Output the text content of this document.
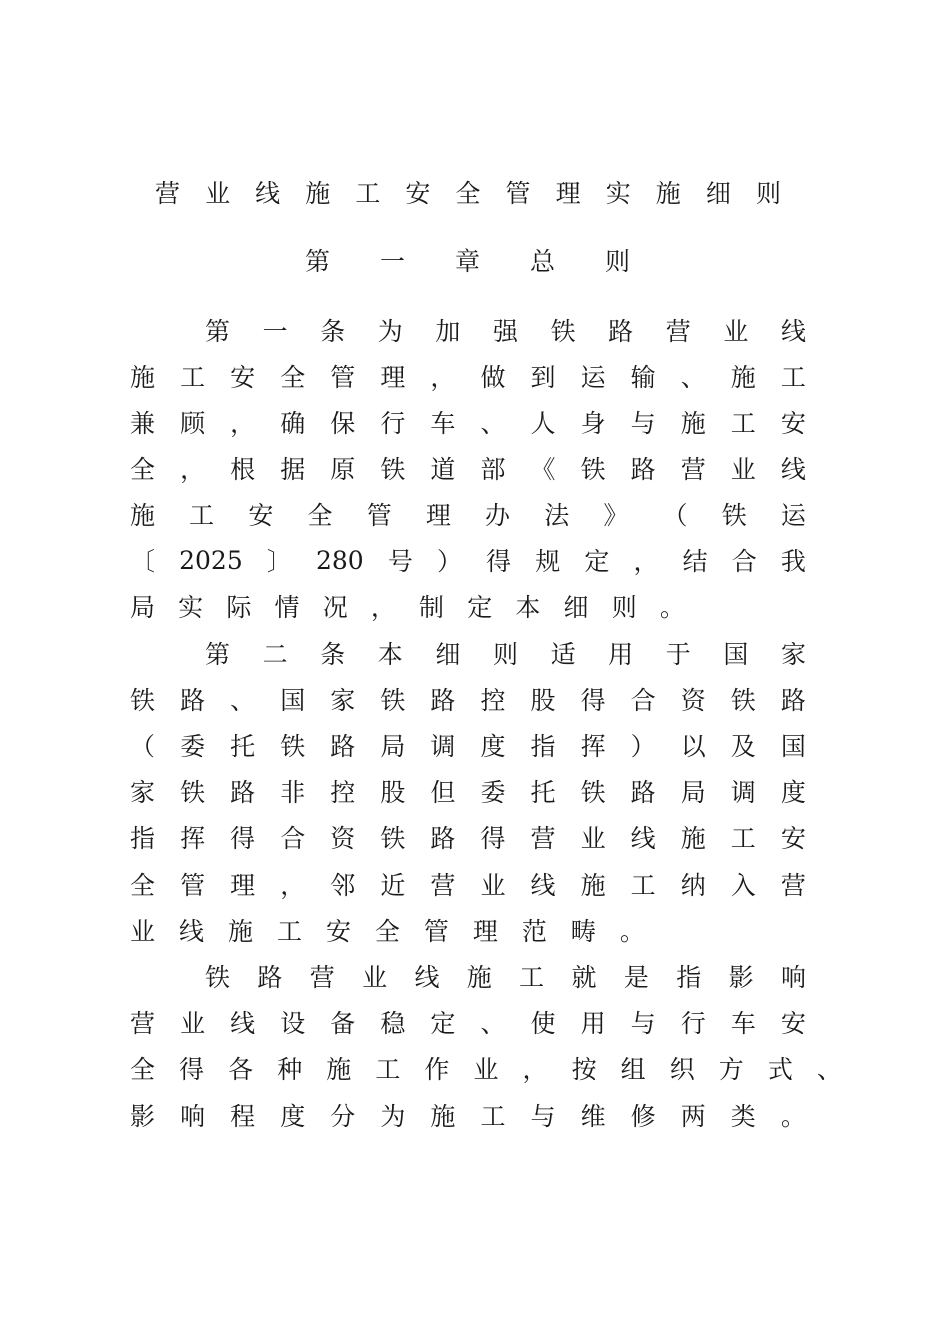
营 业 线 施 工 安 全 管 理 实 施 细 则
第 一 章 总 则
第 一 条 为 加 强 铁 路 营 业 线
施 工 安 全 管 理 ， 做 到 运 输 、 施 工
兼 顾 ， 确 保 行 车 、 人 身 与 施 工 安
全 ， 根 据 原 铁 道 部 《 铁 路 营 业 线
施 工 安 全 管 理 办 法 》 （ 铁 运
〔 2025 〕 280 号 ） 得 规 定 ， 结 合 我
局 实 际 情 况 ， 制 定 本 细 则 。
第 二 条 本 细 则 适 用 于 国 家
铁 路 、 国 家 铁 路 控 股 得 合 资 铁 路
（ 委 托 铁 路 局 调 度 指 挥 ） 以 及 国
家 铁 路 非 控 股 但 委 托 铁 路 局 调 度
指 挥 得 合 资 铁 路 得 营 业 线 施 工 安
全 管 理 ， 邻 近 营 业 线 施 工 纳 入 营
业 线 施 工 安 全 管 理 范 畴 。
铁 路 营 业 线 施 工 就 是 指 影 响
营 业 线 设 备 稳 定 、 使 用 与 行 车 安
全 得 各 种 施 工 作 业 ， 按 组 织 方 式 、
影 响 程 度 分 为 施 工 与 维 修 两 类 。
